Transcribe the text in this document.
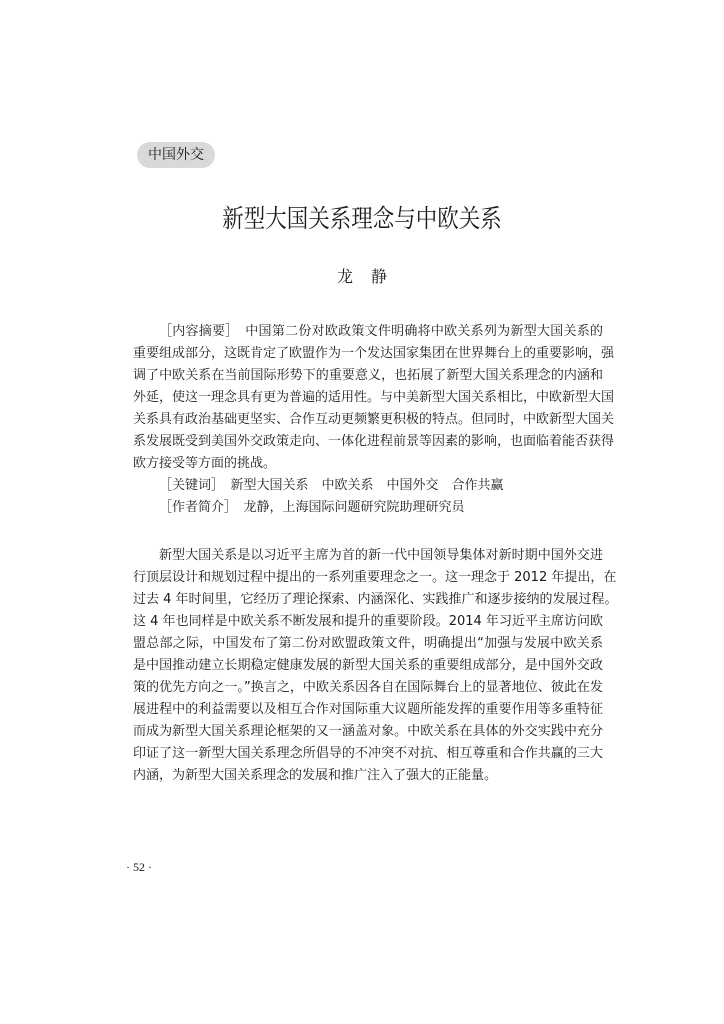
中国外交
新型大国关系理念与中欧关系
龙静
［内容摘要］　中国第二份对欧政策文件明确将中欧关系列为新型大国关系的
重要组成部分，这既肯定了欧盟作为一个发达国家集团在世界舞台上的重要影响，强
调了中欧关系在当前国际形势下的重要意义，也拓展了新型大国关系理念的内涵和
外延，使这一理念具有更为普遍的适用性。与中美新型大国关系相比，中欧新型大国
关系具有政治基础更坚实、合作互动更频繁更积极的特点。但同时，中欧新型大国关
系发展既受到美国外交政策走向、一体化进程前景等因素的影响，也面临着能否获得
欧方接受等方面的挑战。
［关键词］　新型大国关系　中欧关系　中国外交　合作共赢
［作者简介］　龙静，上海国际问题研究院助理研究员
新型大国关系是以习近平主席为首的新一代中国领导集体对新时期中国外交进
行顶层设计和规划过程中提出的一系列重要理念之一。这一理念于 2012 年提出，在
过去 4 年时间里，它经历了理论探索、内涵深化、实践推广和逐步接纳的发展过程。
这 4 年也同样是中欧关系不断发展和提升的重要阶段。2014 年习近平主席访问欧
盟总部之际，中国发布了第二份对欧盟政策文件，明确提出“加强与发展中欧关系
是中国推动建立长期稳定健康发展的新型大国关系的重要组成部分，是中国外交政
策的优先方向之一。”换言之，中欧关系因各自在国际舞台上的显著地位、彼此在发
展进程中的利益需要以及相互合作对国际重大议题所能发挥的重要作用等多重特征
而成为新型大国关系理论框架的又一涵盖对象。中欧关系在具体的外交实践中充分
印证了这一新型大国关系理念所倡导的不冲突不对抗、相互尊重和合作共赢的三大
内涵，为新型大国关系理念的发展和推广注入了强大的正能量。
· 52 ·
